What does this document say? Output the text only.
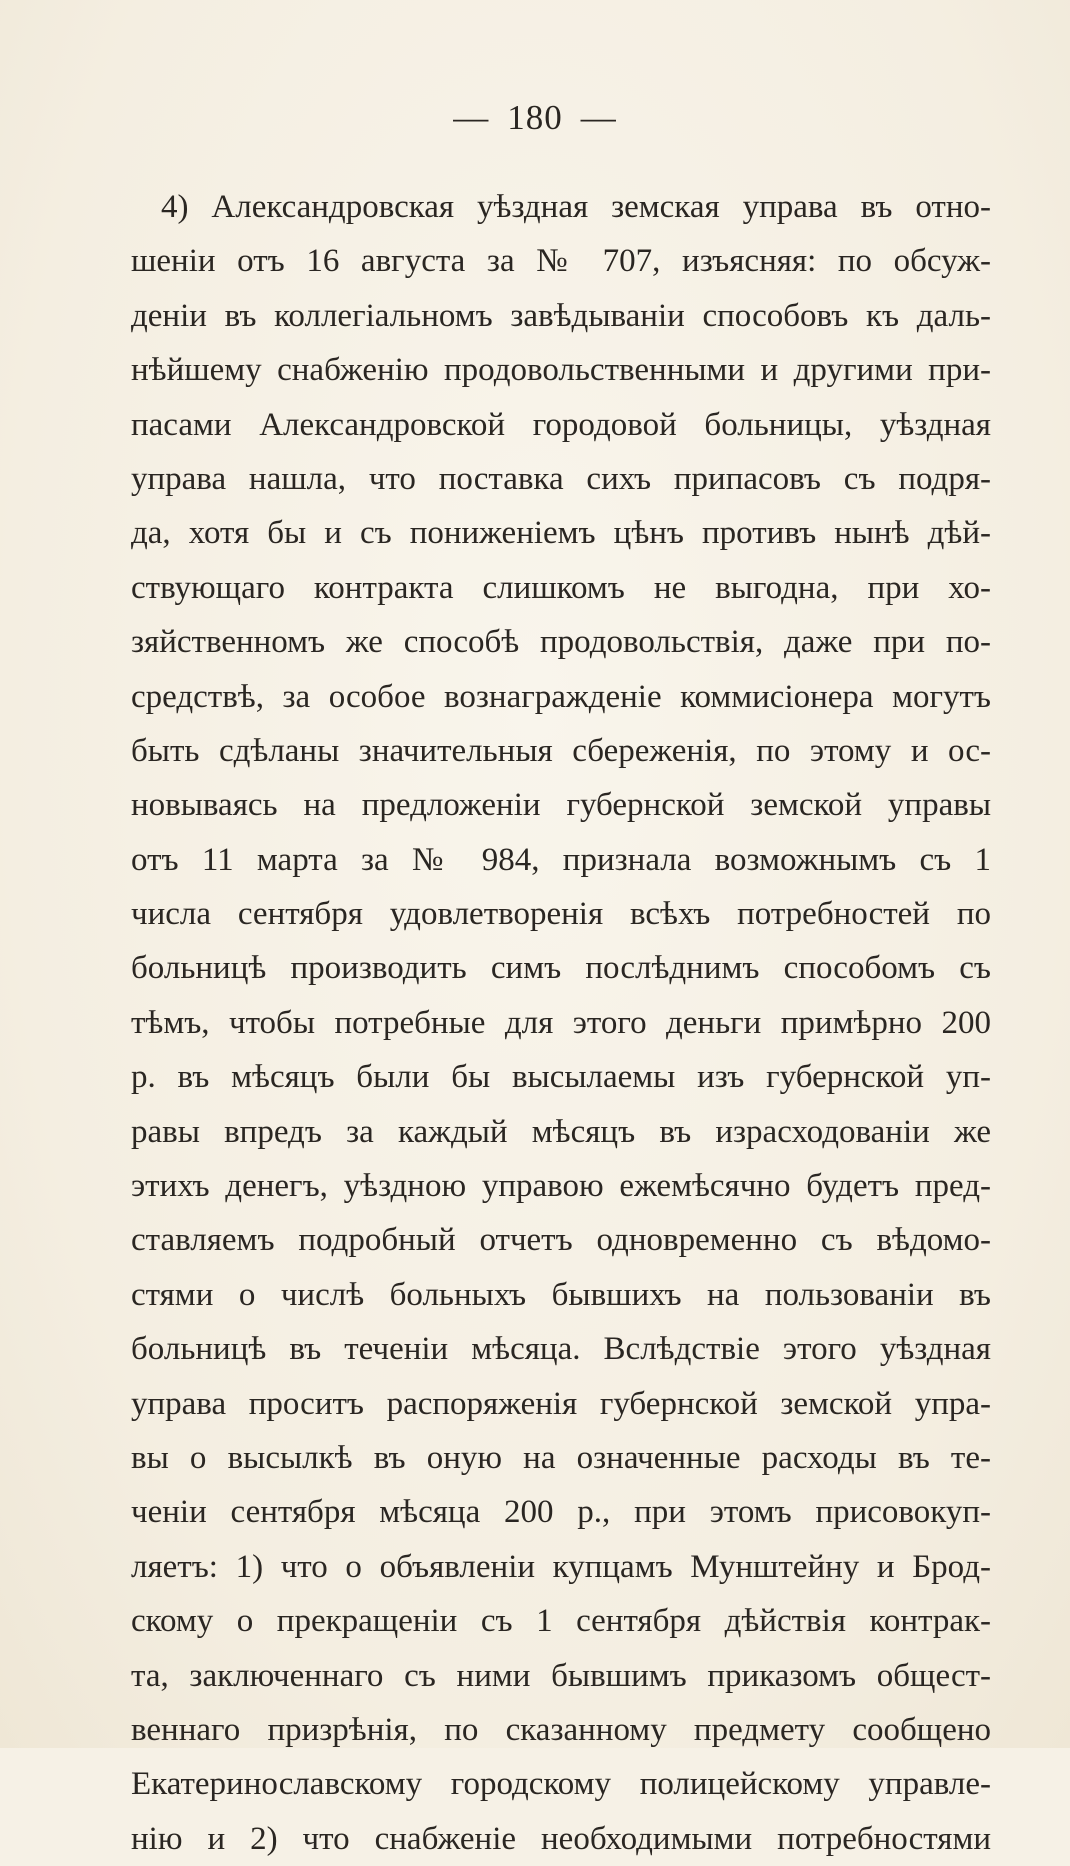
— 180 —
4) Александровская уѣздная земская управа въ отно-
шеніи отъ 16 августа за № 707, изъясняя: по обсуж-
деніи въ коллегіальномъ завѣдываніи способовъ къ даль-
нѣйшему снабженію продовольственными и другими при-
пасами Александровской городовой больницы, уѣздная
управа нашла, что поставка сихъ припасовъ съ подря-
да, хотя бы и съ пониженіемъ цѣнъ противъ нынѣ дѣй-
ствующаго контракта слишкомъ не выгодна, при хо-
зяйственномъ же способѣ продовольствія, даже при по-
средствѣ, за особое вознагражденіе коммисіонера могутъ
быть сдѣланы значительныя сбереженія, по этому и ос-
новываясь на предложеніи губернской земской управы
отъ 11 марта за № 984, признала возможнымъ съ 1
числа сентября удовлетворенія всѣхъ потребностей по
больницѣ производить симъ послѣднимъ способомъ съ
тѣмъ, чтобы потребные для этого деньги примѣрно 200
р. въ мѣсяцъ были бы высылаемы изъ губернской уп-
равы впредъ за каждый мѣсяцъ въ израсходованіи же
этихъ денегъ, уѣздною управою ежемѣсячно будетъ пред-
ставляемъ подробный отчетъ одновременно съ вѣдомо-
стями о числѣ больныхъ бывшихъ на пользованіи въ
больницѣ въ теченіи мѣсяца. Вслѣдствіе этого уѣздная
управа проситъ распоряженія губернской земской упра-
вы о высылкѣ въ оную на означенные расходы въ те-
ченіи сентября мѣсяца 200 р., при этомъ присовокуп-
ляетъ: 1) что о объявленіи купцамъ Мунштейну и Брод-
скому о прекращеніи съ 1 сентября дѣйствія контрак-
та, заключеннаго съ ними бывшимъ приказомъ общест-
веннаго призрѣнія, по сказанному предмету сообщено
Екатеринославскому городскому полицейскому управле-
нію и 2) что снабженіе необходимыми потребностями
